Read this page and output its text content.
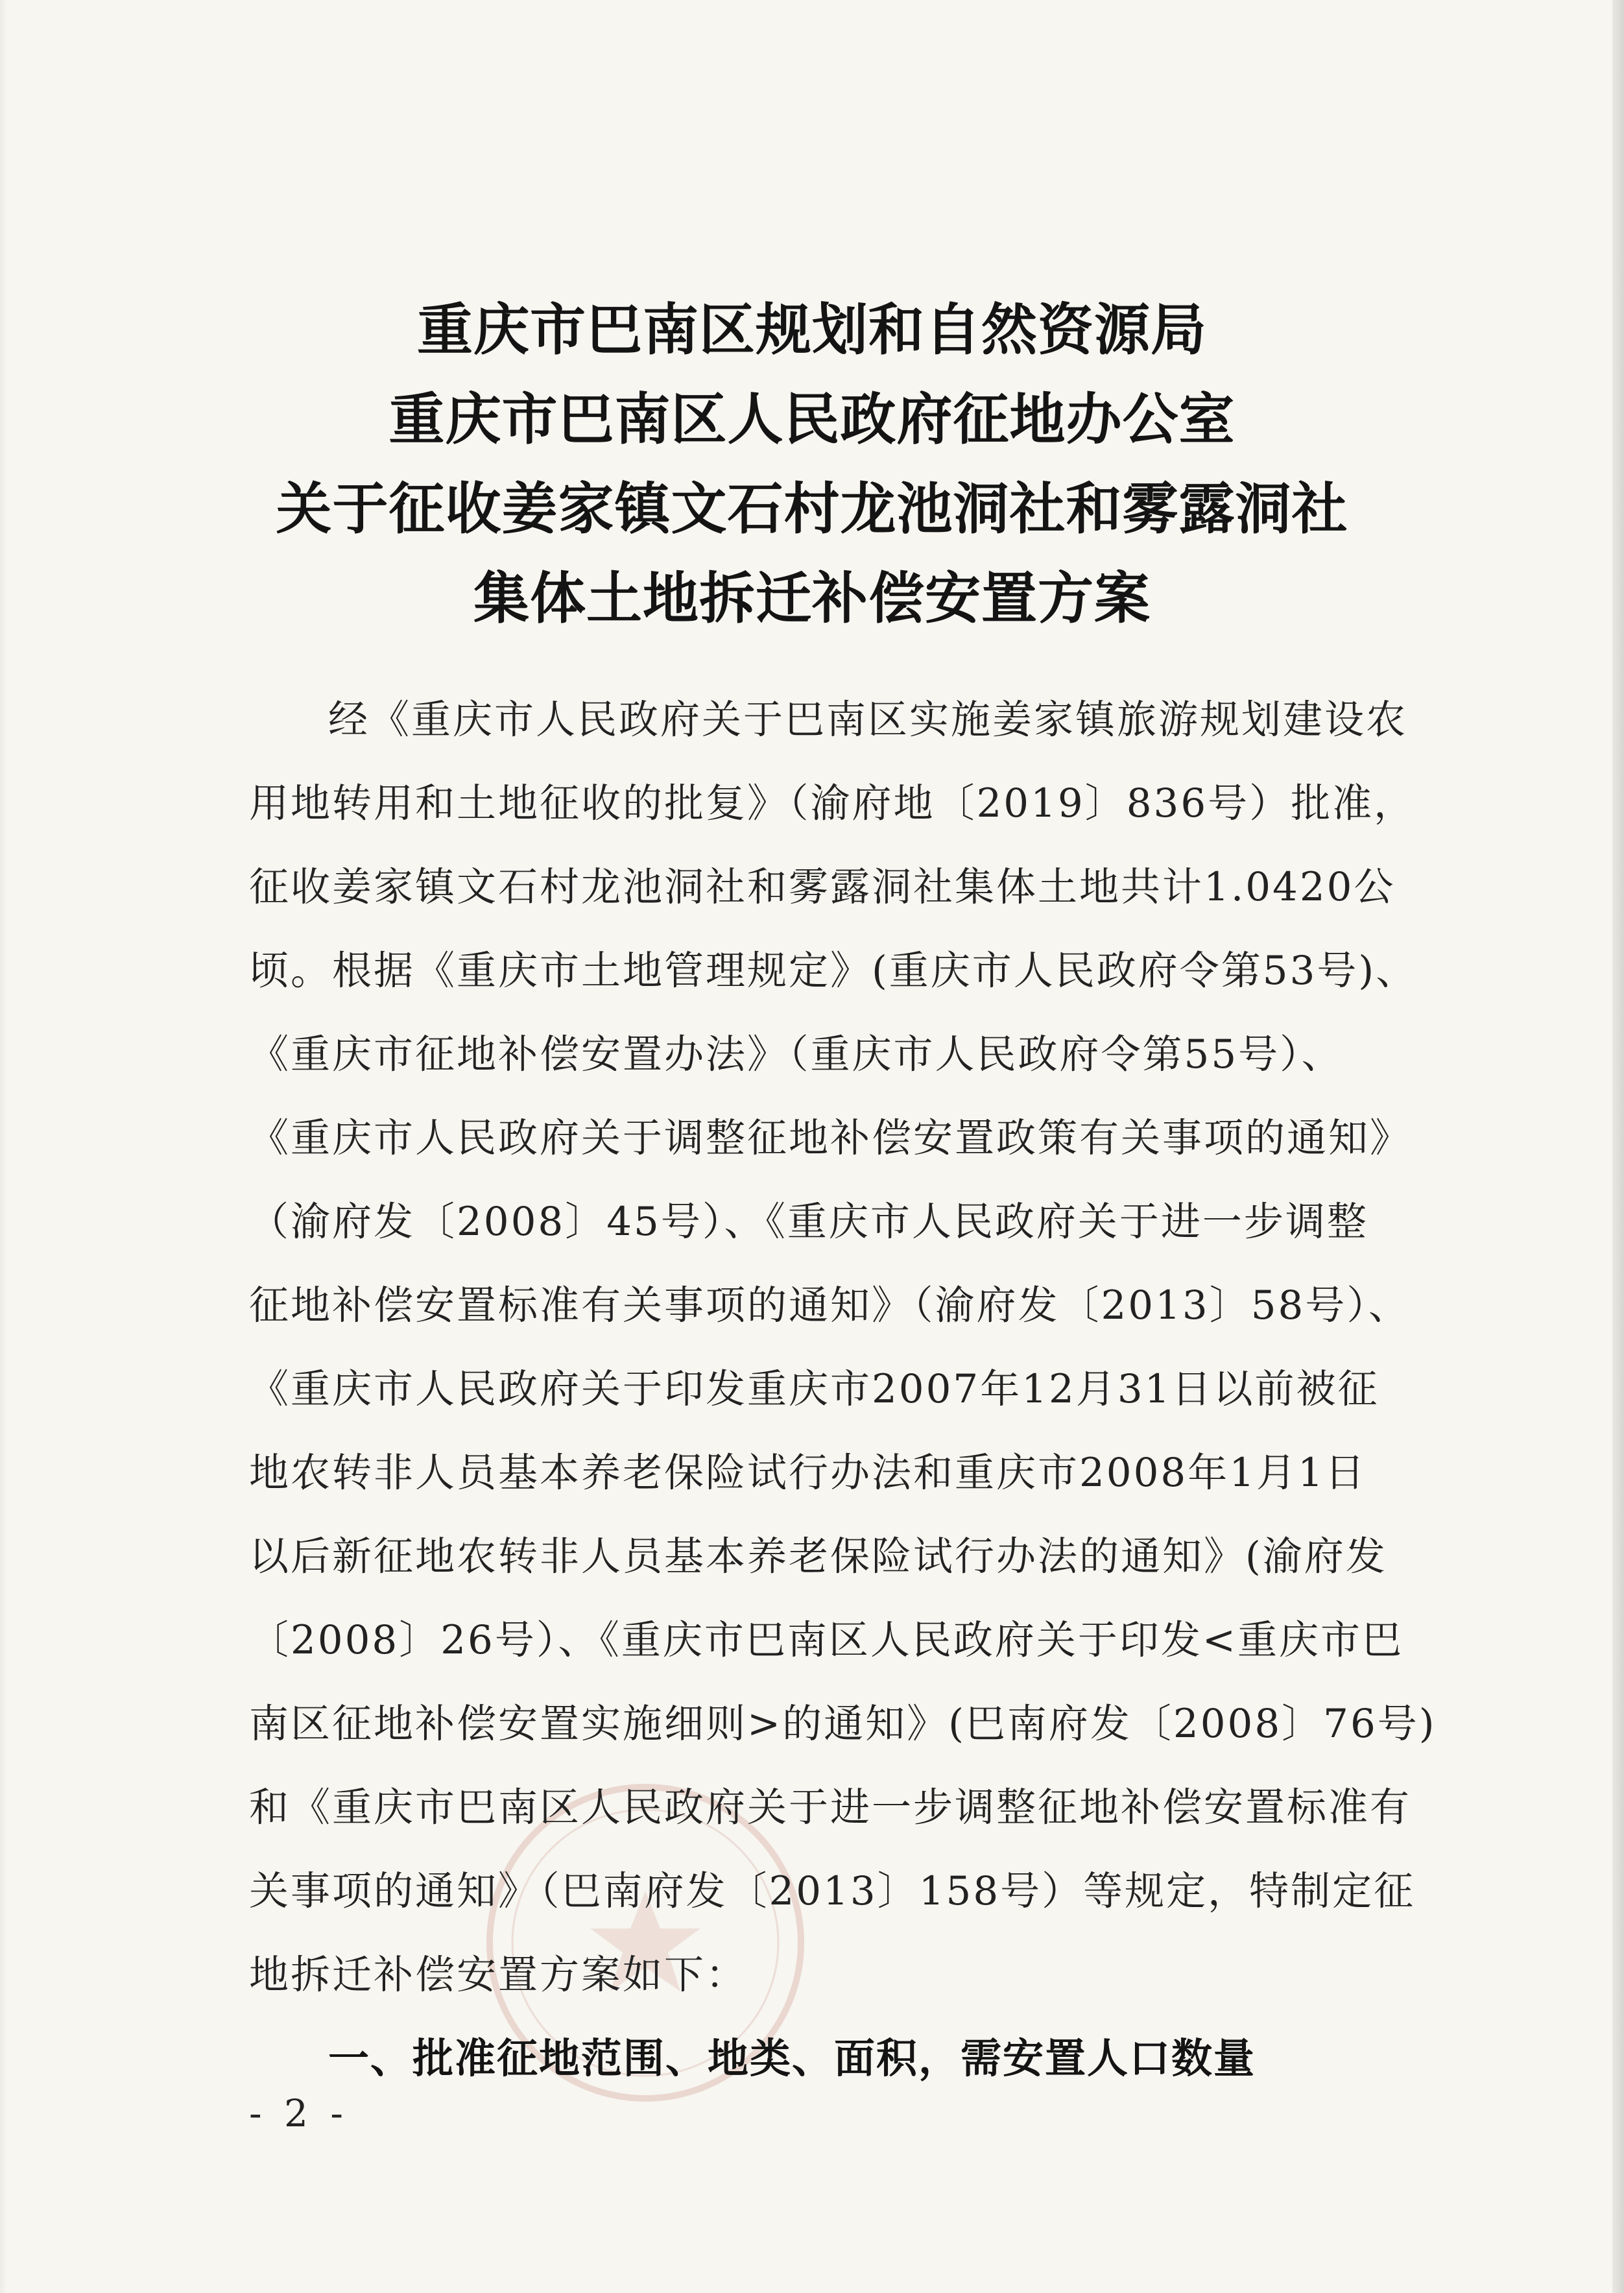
重庆市巴南区规划和自然资源局
重庆市巴南区人民政府征地办公室
关于征收姜家镇文石村龙池洞社和雾露洞社
集体土地拆迁补偿安置方案
经《重庆市人民政府关于巴南区实施姜家镇旅游规划建设农
用地转用和土地征收的批复》（渝府地〔2019〕836号）批准，
征收姜家镇文石村龙池洞社和雾露洞社集体土地共计1.0420公
顷。根据《重庆市土地管理规定》(重庆市人民政府令第53号)、
《重庆市征地补偿安置办法》（重庆市人民政府令第55号）、
《重庆市人民政府关于调整征地补偿安置政策有关事项的通知》
（渝府发〔2008〕45号）、《重庆市人民政府关于进一步调整
征地补偿安置标准有关事项的通知》（渝府发〔2013〕58号）、
《重庆市人民政府关于印发重庆市2007年12月31日以前被征
地农转非人员基本养老保险试行办法和重庆市2008年1月1日
以后新征地农转非人员基本养老保险试行办法的通知》(渝府发
〔2008〕26号）、《重庆市巴南区人民政府关于印发<重庆市巴
南区征地补偿安置实施细则>的通知》(巴南府发〔2008〕76号)
和《重庆市巴南区人民政府关于进一步调整征地补偿安置标准有
关事项的通知》（巴南府发〔2013〕158号）等规定，特制定征
地拆迁补偿安置方案如下：
一、批准征地范围、地类、面积，需安置人口数量
- 2 -
